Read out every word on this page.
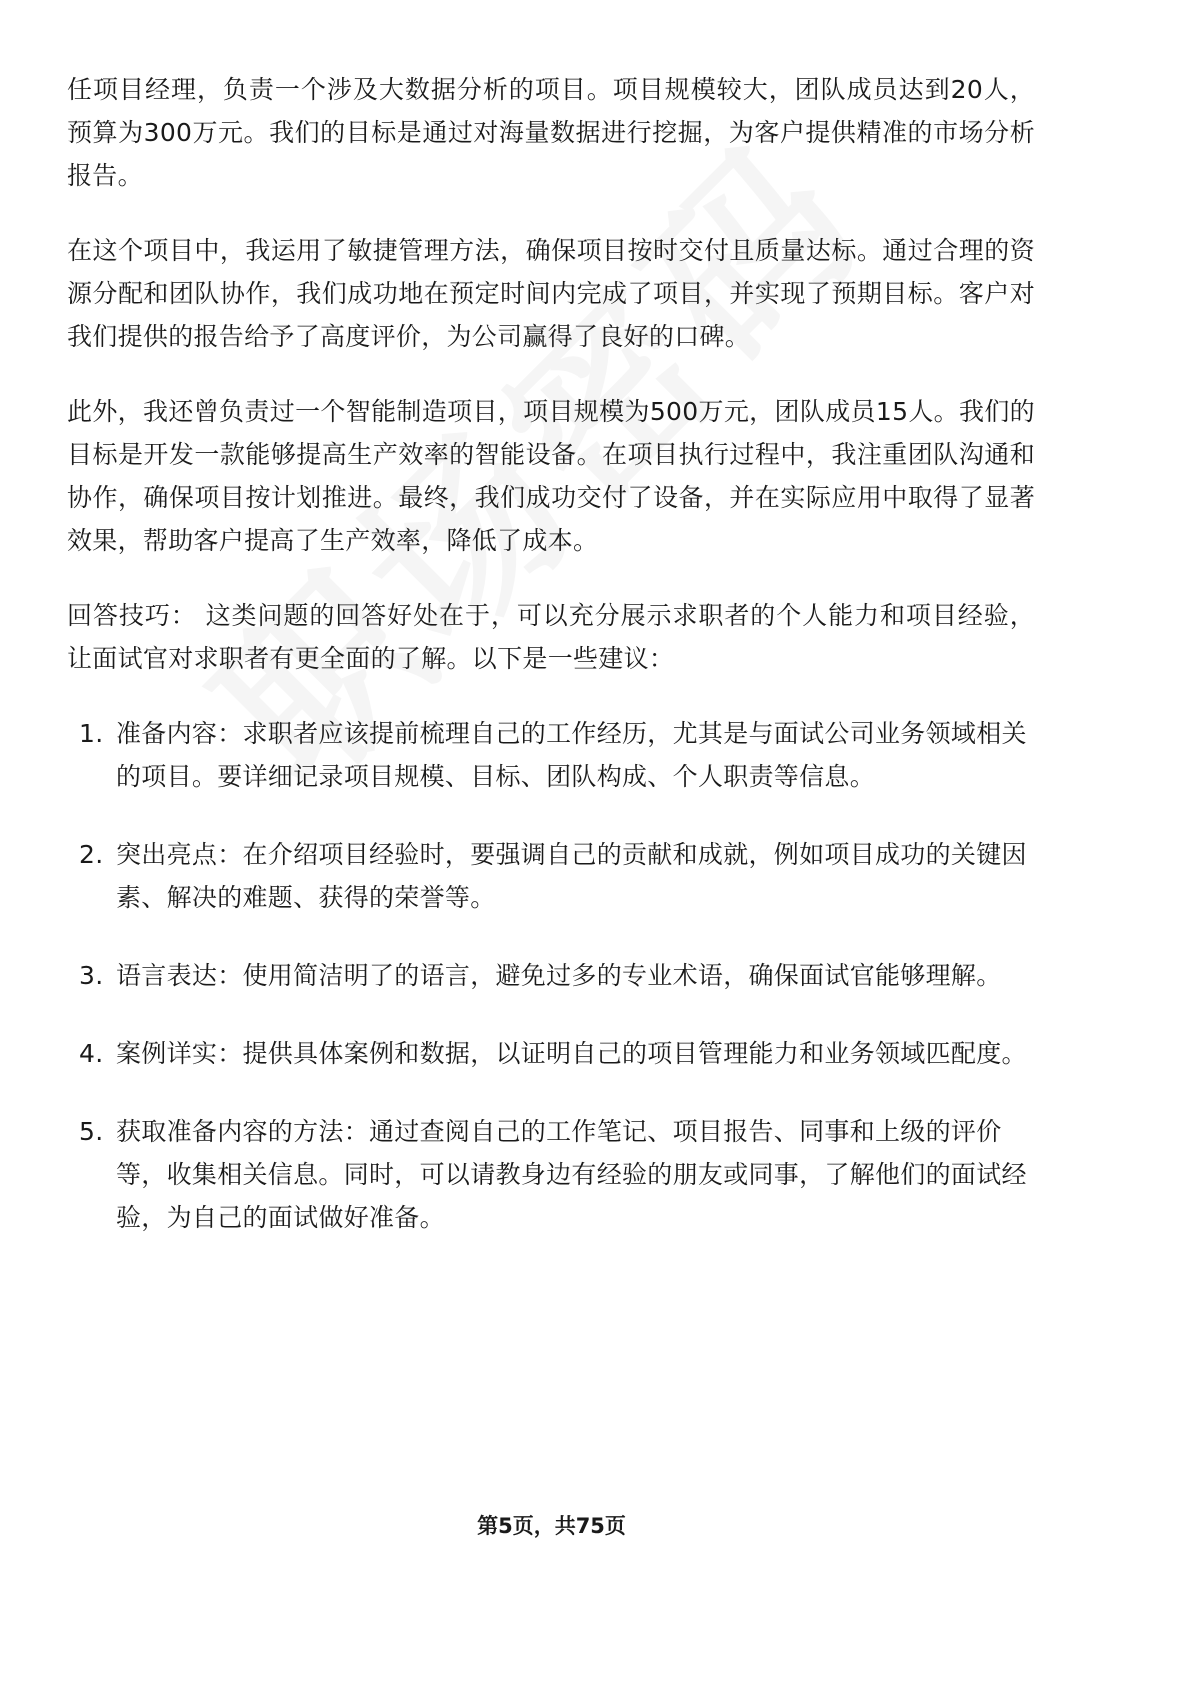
任项目经理，负责一个涉及大数据分析的项目。项目规模较大，团队成员达到20人，预算为300万元。我们的目标是通过对海量数据进行挖掘，为客户提供精准的市场分析报告。

在这个项目中，我运用了敏捷管理方法，确保项目按时交付且质量达标。通过合理的资源分配和团队协作，我们成功地在预定时间内完成了项目，并实现了预期目标。客户对我们提供的报告给予了高度评价，为公司赢得了良好的口碑。

此外，我还曾负责过一个智能制造项目，项目规模为500万元，团队成员15人。我们的目标是开发一款能够提高生产效率的智能设备。在项目执行过程中，我注重团队沟通和协作，确保项目按计划推进。最终，我们成功交付了设备，并在实际应用中取得了显著效果，帮助客户提高了生产效率，降低了成本。

回答技巧： 这类问题的回答好处在于，可以充分展示求职者的个人能力和项目经验，让面试官对求职者有更全面的了解。以下是一些建议：

1. 准备内容：求职者应该提前梳理自己的工作经历，尤其是与面试公司业务领域相关的项目。要详细记录项目规模、目标、团队构成、个人职责等信息。
2. 突出亮点：在介绍项目经验时，要强调自己的贡献和成就，例如项目成功的关键因素、解决的难题、获得的荣誉等。
3. 语言表达：使用简洁明了的语言，避免过多的专业术语，确保面试官能够理解。
4. 案例详实：提供具体案例和数据，以证明自己的项目管理能力和业务领域匹配度。
5. 获取准备内容的方法：通过查阅自己的工作笔记、项目报告、同事和上级的评价等，收集相关信息。同时，可以请教身边有经验的朋友或同事，了解他们的面试经验，为自己的面试做好准备。
第5页，共75页
